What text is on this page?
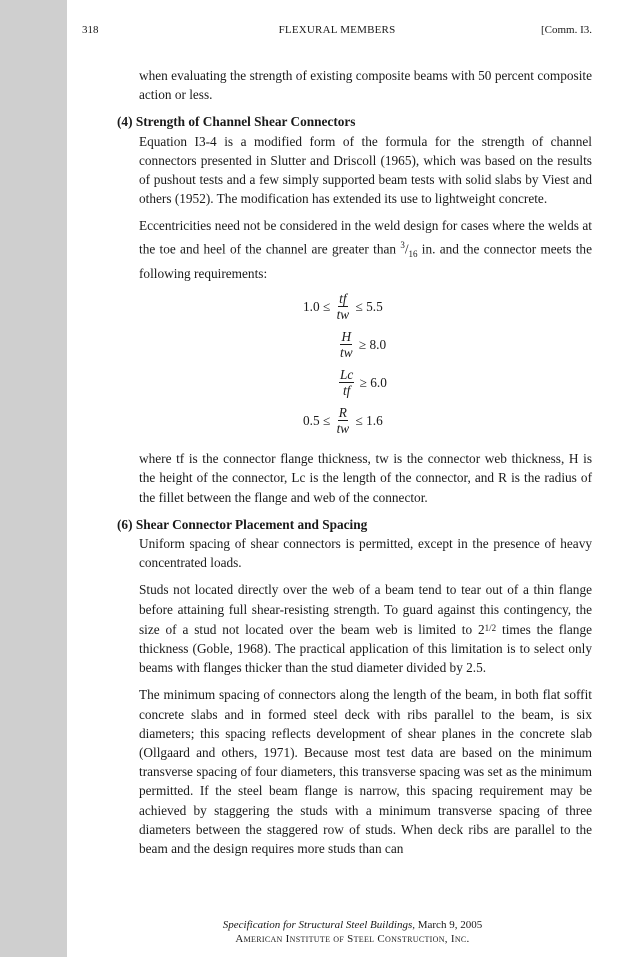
318	FLEXURAL MEMBERS	[Comm. I3.

when evaluating the strength of existing composite beams with 50 percent composite action or less.

(4) Strength of Channel Shear Connectors

Equation I3-4 is a modified form of the formula for the strength of channel connectors presented in Slutter and Driscoll (1965), which was based on the results of pushout tests and a few simply supported beam tests with solid slabs by Viest and others (1952). The modification has extended its use to lightweight concrete.

Eccentricities need not be considered in the weld design for cases where the welds at the toe and heel of the channel are greater than $^3/_{16}$ in. and the connector meets the following requirements:

$1.0 \le \frac{tf}{tw} \le 5.5$
$\frac{H}{tw} \ge 8.0$
$\frac{Lc}{tf} \ge 6.0$
$0.5 \le \frac{R}{tw} \le 1.6$

where tf is the connector flange thickness, tw is the connector web thickness, H is the height of the connector, Lc is the length of the connector, and R is the radius of the fillet between the flange and web of the connector.

(6) Shear Connector Placement and Spacing

Uniform spacing of shear connectors is permitted, except in the presence of heavy concentrated loads.

Studs not located directly over the web of a beam tend to tear out of a thin flange before attaining full shear-resisting strength. To guard against this contingency, the size of a stud not located over the beam web is limited to $2^{1/2}$ times the flange thickness (Goble, 1968). The practical application of this limitation is to select only beams with flanges thicker than the stud diameter divided by 2.5.

The minimum spacing of connectors along the length of the beam, in both flat soffit concrete slabs and in formed steel deck with ribs parallel to the beam, is six diameters; this spacing reflects development of shear planes in the concrete slab (Ollgaard and others, 1971). Because most test data are based on the minimum transverse spacing of four diameters, this transverse spacing was set as the minimum permitted. If the steel beam flange is narrow, this spacing requirement may be achieved by staggering the studs with a minimum transverse spacing of three diameters between the staggered row of studs. When deck ribs are parallel to the beam and the design requires more studs than can

Specification for Structural Steel Buildings, March 9, 2005
American Institute of Steel Construction, Inc.
